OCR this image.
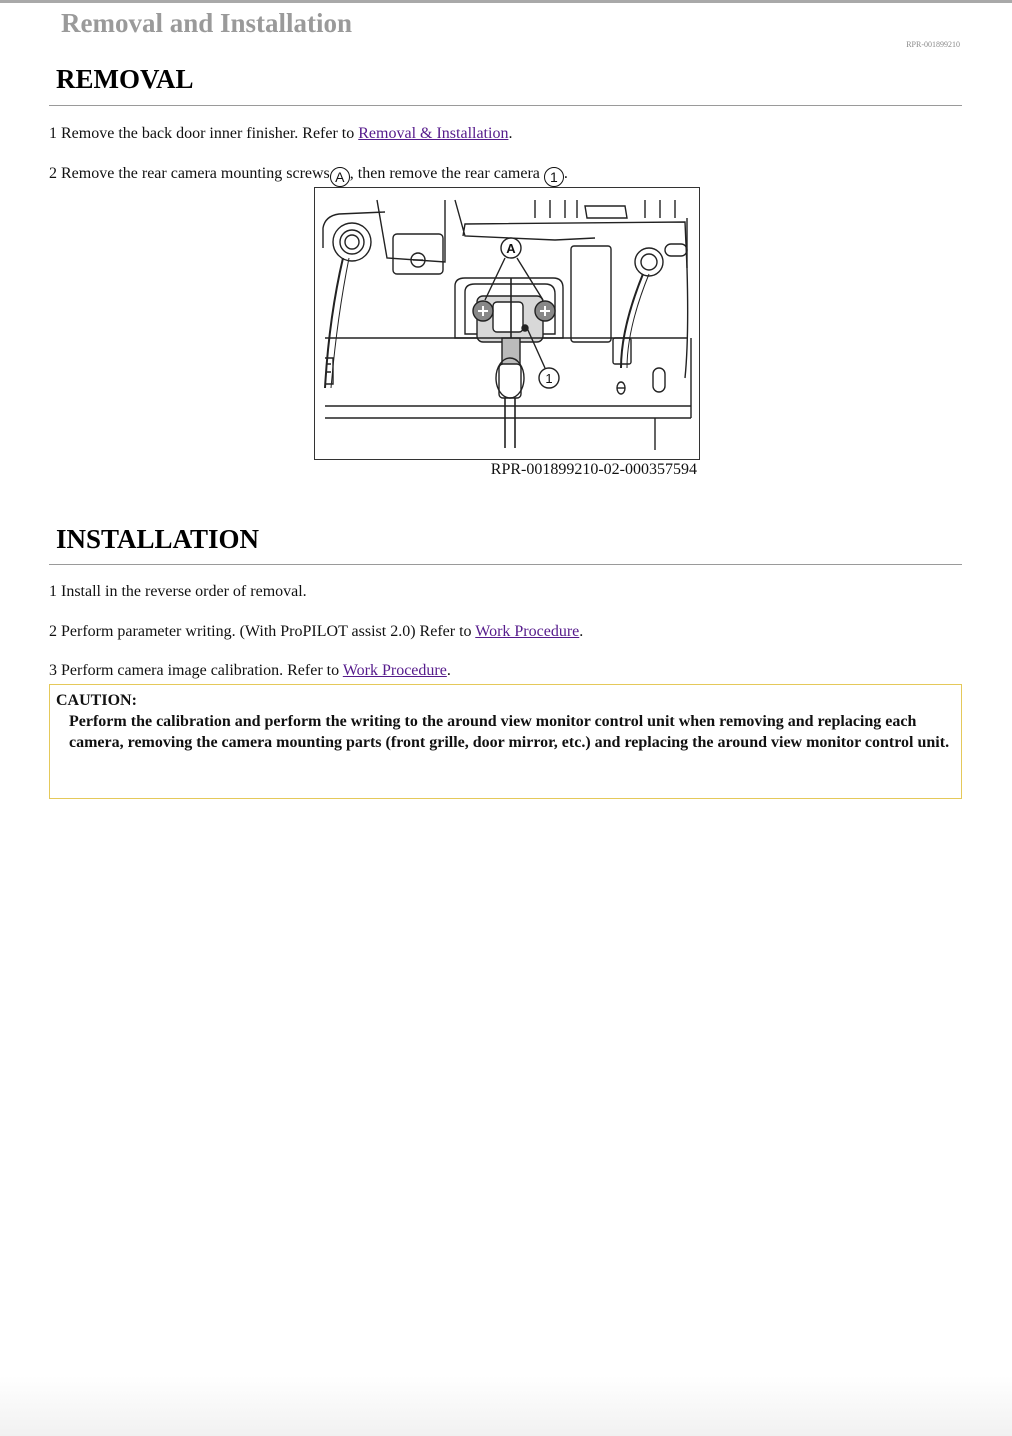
Removal and Installation
RPR-001899210
REMOVAL

1 Remove the back door inner finisher. Refer to Removal & Installation.

2 Remove the rear camera mounting screws A , then remove the rear camera 1 .

A
1
RPR-001899210-02-000357594
INSTALLATION

1 Install in the reverse order of removal.

2 Perform parameter writing. (With ProPILOT assist 2.0) Refer to Work Procedure.

3 Perform camera image calibration. Refer to Work Procedure.

CAUTION:

Perform the calibration and perform the writing to the around view monitor control unit when removing and replacing each camera, removing the camera mounting parts (front grille, door mirror, etc.) and replacing the around view monitor control unit.
